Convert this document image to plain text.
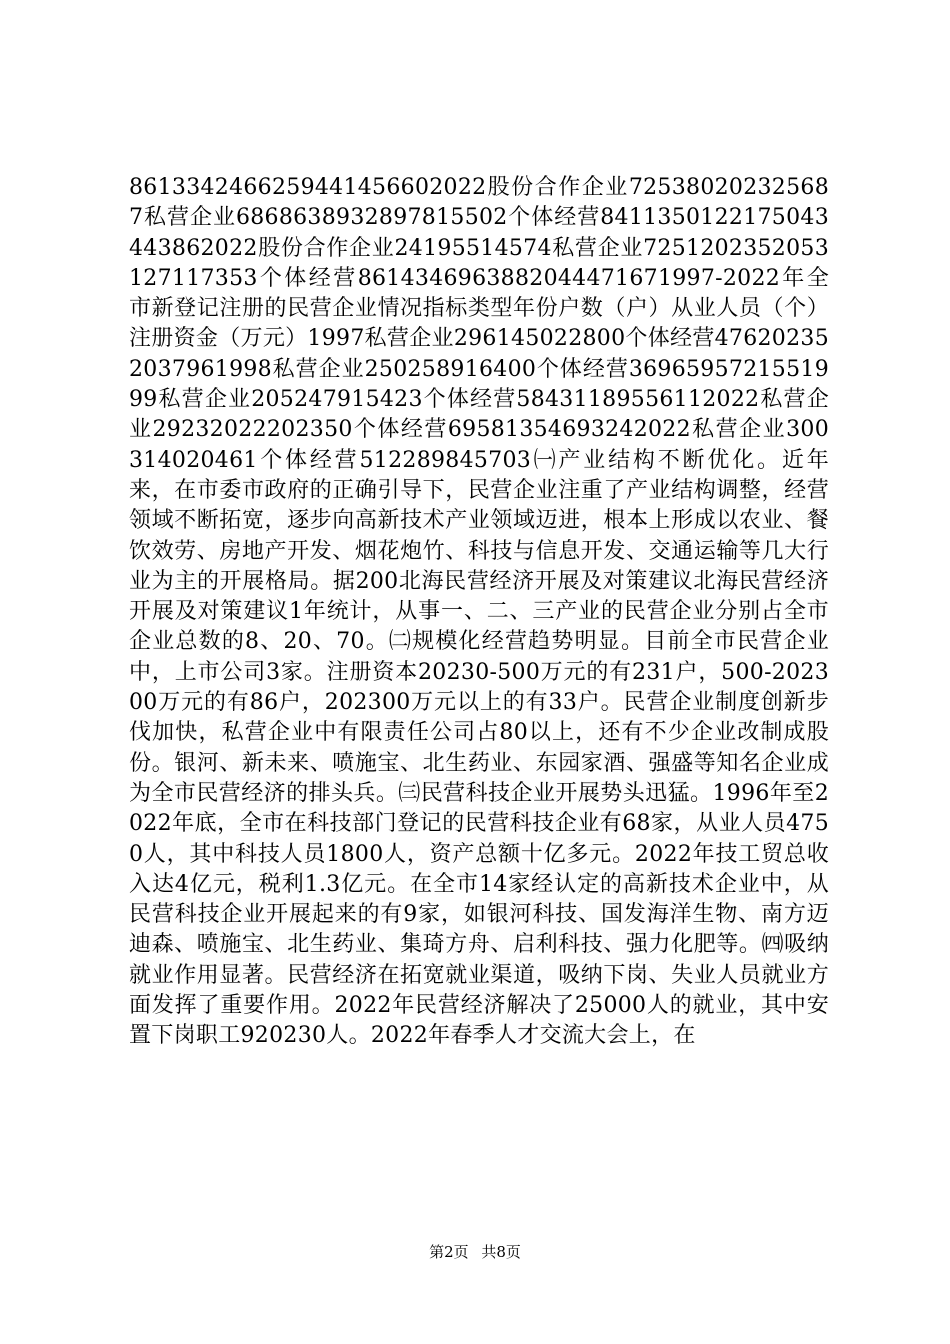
861334246625944145660​2022股份合作企业725380202325687私营企业6868638932897815502个体经营841135012217504344386​2022股份合作企业24195514574私营企业725120235205312711735​3个体经营861434696388204447167​1997-2022年全市新登记注册的民营企业情况指标类型年份户数（户）从业人员（个）注册资金（万元）1997私营企业296145022800个体经营476202352037961998私营企业250258916400个体经营3696595721551999私营企业205247915423个体经营5843118955611​2022私营企业29232022202350个体经营6958135469324​2022私营企业300314020461个体经营512289845703㈠产业结构不断优化。近年来，在市委市政府的正确引导下，民营企业注重了产业结构调整，经营领域不断拓宽，逐步向高新技术产业领域迈进，根本上形成以农业、餐饮效劳、房地产开发、烟花炮竹、科技与信息开发、交通运输等几大行业为主的开展格局。据200北海民营经济开展及对策建议北海民营经济开展及对策建议1年统计，从事一、二、三产业的民营企业分别占全市企业总数的8、20、70。㈡规模化经营趋势明显。目前全市民营企业中，上市公司3家。注册资本20230-500万元的有231户，500-202300万元的有86户，202300万元以上的有33户。民营企业制度创新步伐加快，私营企业中有限责任公司占80以上，还有不少企业改制成股份。银河、新未来、喷施宝、北生药业、东园家酒、强盛等知名企业成为全市民营经济的排头兵。㈢民营科技企业开展势头迅猛。1996年至2022年底，全市在科技部门登记的民营科技企业有68家，从业人员4750人，其中科技人员1800人，资产总额十亿多元。2022年技工贸总收入达4亿元，税利1.3亿元。在全市14家经认定的高新技术企业中，从民营科技企业开展起来的有9家，如银河科技、国发海洋生物、南方迈迪森、喷施宝、北生药业、集琦方舟、启利科技、强力化肥等。㈣吸纳就业作用显著。民营经济在拓宽就业渠道，吸纳下岗、失业人员就业方面发挥了重要作用。2022年民营经济解决了25000人的就业，其中安置下岗职工920230人。2022年春季人才交流大会上，在
第2页 共8页
